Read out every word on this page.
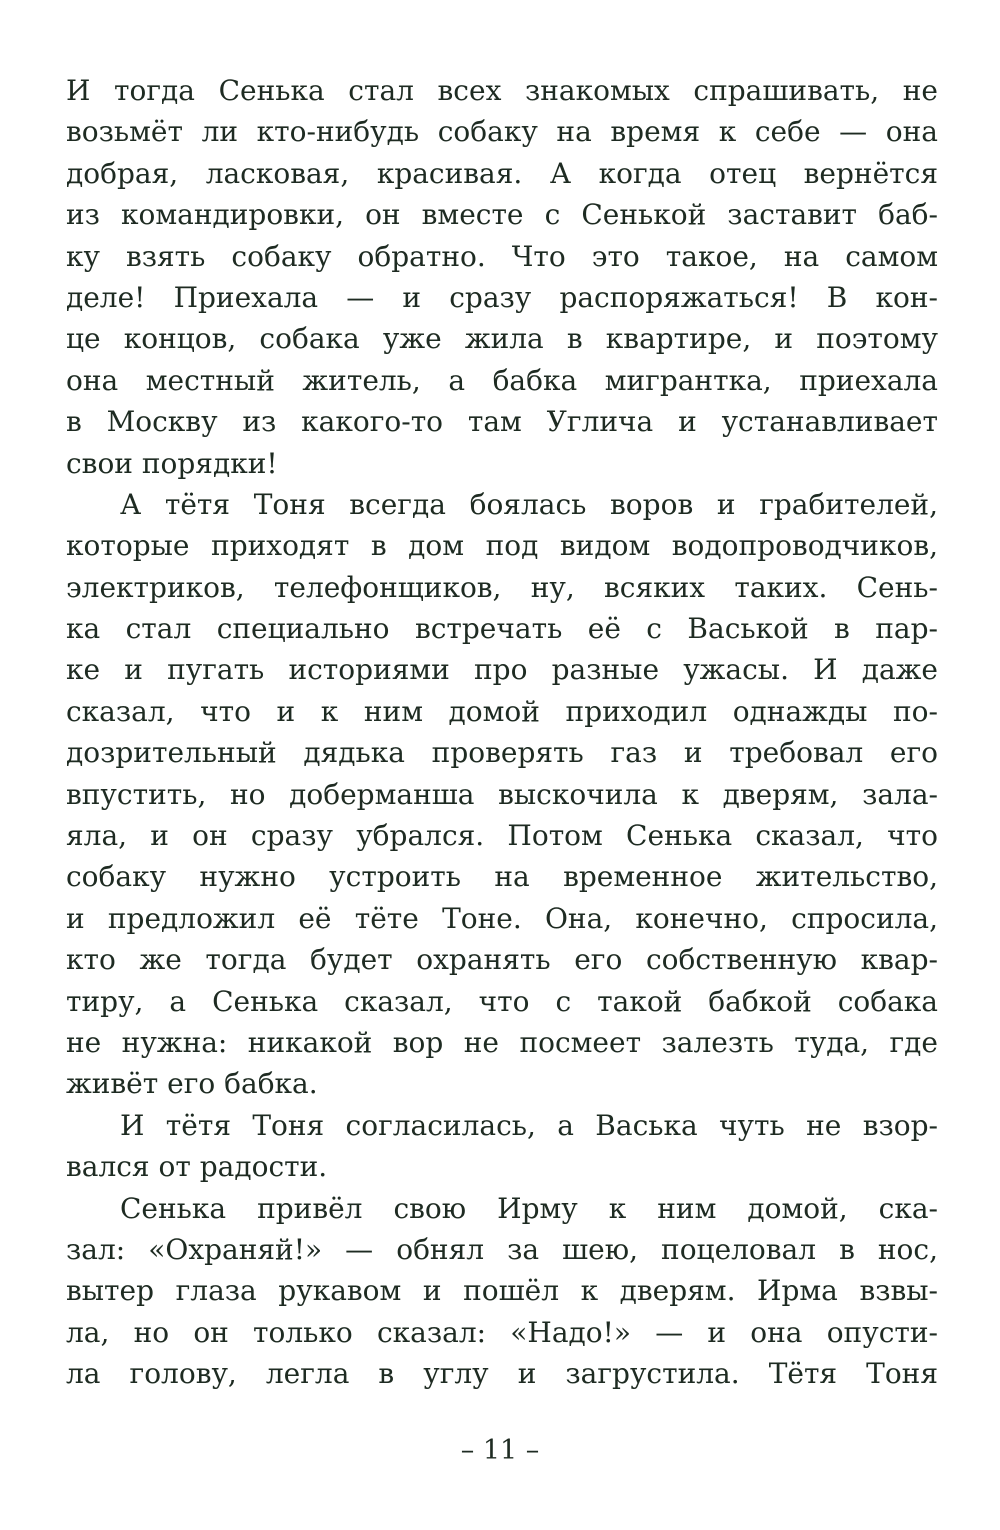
И тогда Сенька стал всех знакомых спрашивать, не
возьмёт ли кто-нибудь собаку на время к себе — она
добрая, ласковая, красивая. А когда отец вернётся
из командировки, он вместе с Сенькой заставит баб-
ку взять собаку обратно. Что это такое, на самом
деле! Приехала — и сразу распоряжаться! В кон-
це концов, собака уже жила в квартире, и поэтому
она местный житель, а бабка мигрантка, приехала
в Москву из какого-то там Углича и устанавливает
свои порядки!
А тётя Тоня всегда боялась воров и грабителей,
которые приходят в дом под видом водопроводчиков,
электриков, телефонщиков, ну, всяких таких. Сень-
ка стал специально встречать её с Васькой в пар-
ке и пугать историями про разные ужасы. И даже
сказал, что и к ним домой приходил однажды по-
дозрительный дядька проверять газ и требовал его
впустить, но доберманша выскочила к дверям, зала-
яла, и он сразу убрался. Потом Сенька сказал, что
собаку нужно устроить на временное жительство,
и предложил её тёте Тоне. Она, конечно, спросила,
кто же тогда будет охранять его собственную квар-
тиру, а Сенька сказал, что с такой бабкой собака
не нужна: никакой вор не посмеет залезть туда, где
живёт его бабка.
И тётя Тоня согласилась, а Васька чуть не взор-
вался от радости.
Сенька привёл свою Ирму к ним домой, ска-
зал: «Охраняй!» — обнял за шею, поцеловал в нос,
вытер глаза рукавом и пошёл к дверям. Ирма взвы-
ла, но он только сказал: «Надо!» — и она опусти-
ла голову, легла в углу и загрустила. Тётя Тоня
– 11 –
